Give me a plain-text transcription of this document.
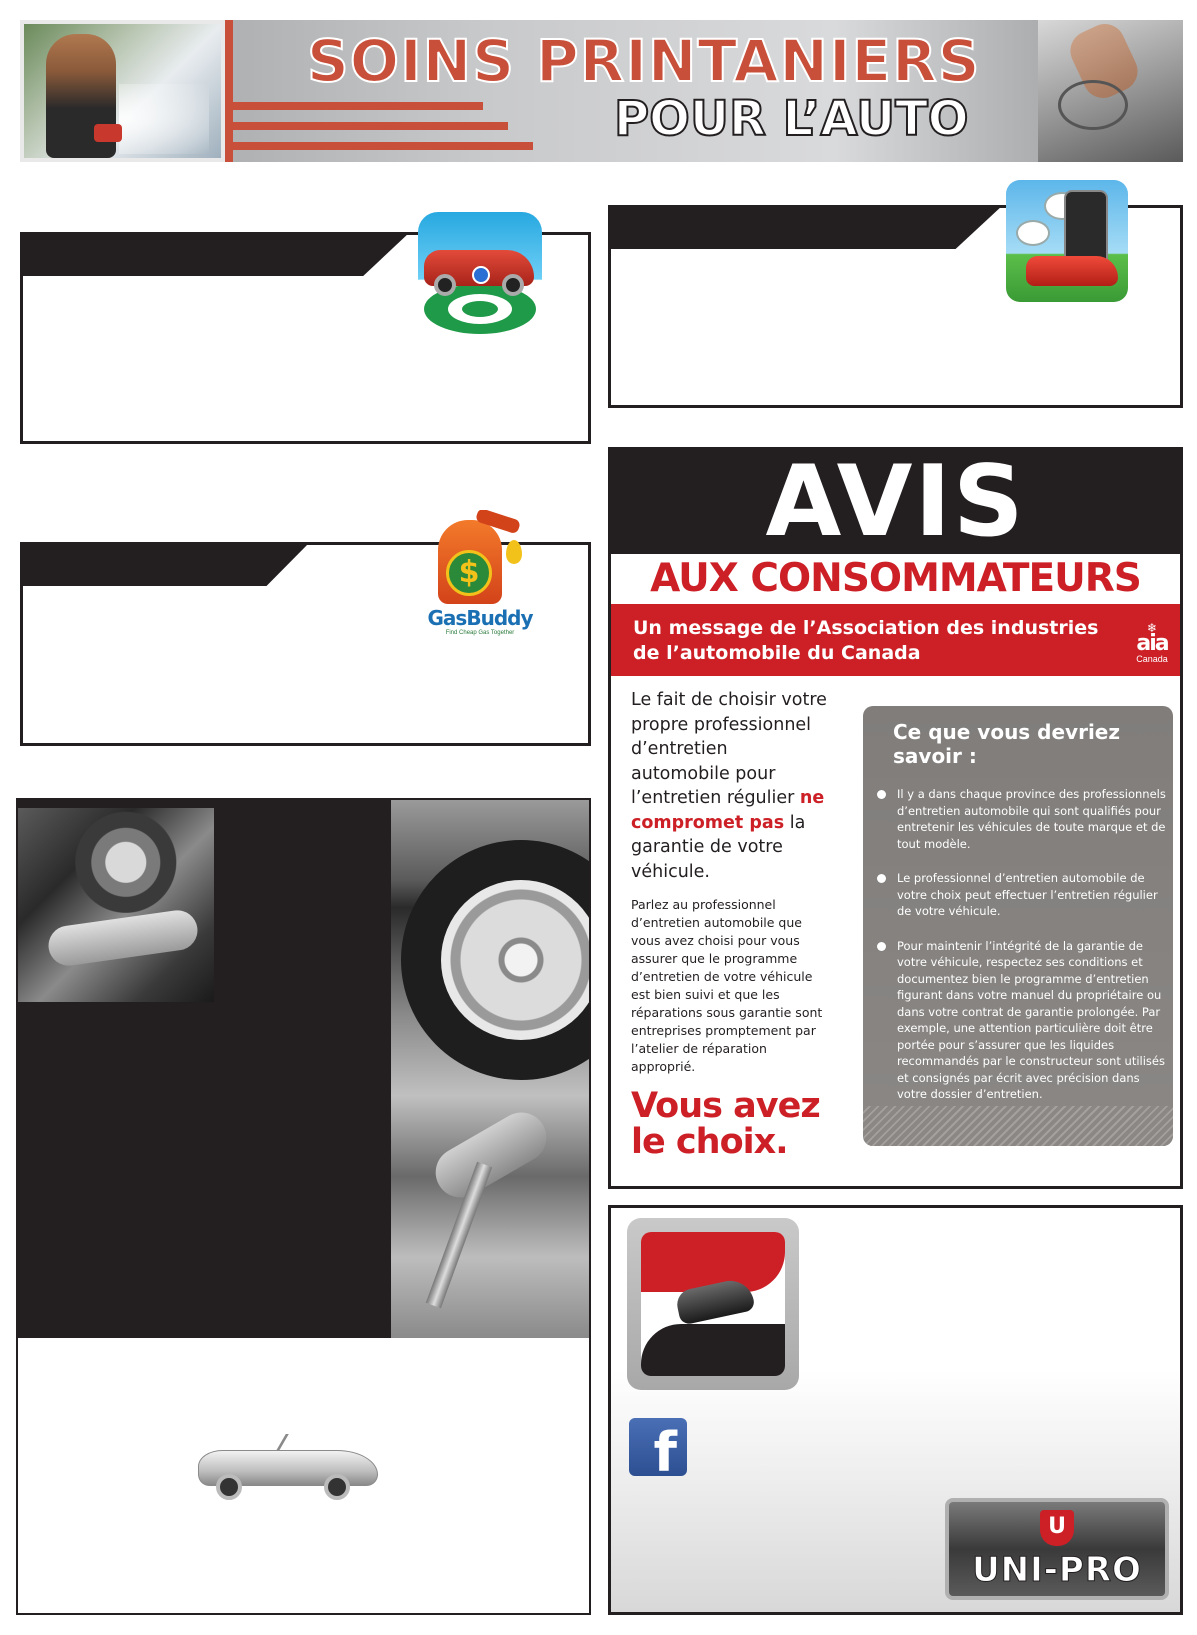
SOINS PRINTANIERS
POUR L’AUTO
$
GasBuddy
Find Cheap Gas Together
AVIS
AUX CONSOMMATEURS
Un message de l’Association des industries de l’automobile du Canada
❄
aia
Canada
Le fait de choisir votre propre professionnel d’entretien automobile pour l’entretien régulier ne compromet pas la garantie de votre véhicule.
Parlez au professionnel d’entretien automobile que vous avez choisi pour vous assurer que le programme d’entretien de votre véhicule est bien suivi et que les réparations sous garantie sont entreprises promptement par l’atelier de réparation approprié.
Vous avez le choix.
Ce que vous devriez savoir :
Il y a dans chaque province des professionnels d’entretien automobile qui sont qualifiés pour entretenir les véhicules de toute marque et de tout modèle.
Le professionnel d’entretien automobile de votre choix peut effectuer l’entretien régulier de votre véhicule.
Pour maintenir l’intégrité de la garantie de votre véhicule, respectez ses conditions et documentez bien le programme d’entretien figurant dans votre manuel du propriétaire ou dans votre contrat de garantie prolongée. Par exemple, une attention particulière doit être portée pour s’assurer que les liquides recommandés par le constructeur sont utilisés et consignés par écrit avec précision dans votre dossier d’entretien.
f
U
UNI-PRO
